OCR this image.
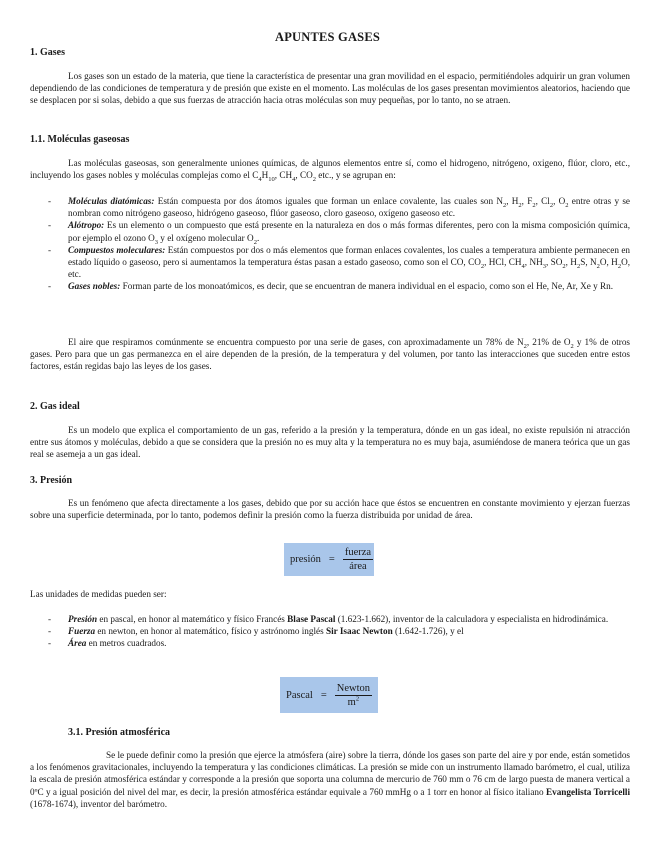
APUNTES GASES
1. Gases

Los gases son un estado de la materia, que tiene la característica de presentar una gran movilidad en el espacio, permitiéndoles adquirir un gran volumen dependiendo de las condiciones de temperatura y de presión que existe en el momento. Las moléculas de los gases presentan movimientos aleatorios, haciendo que se desplacen por si solas, debido a que sus fuerzas de atracción hacia otras moléculas son muy pequeñas, por lo tanto, no se atraen.

1.1. Moléculas gaseosas

Las moléculas gaseosas, son generalmente uniones químicas, de algunos elementos entre sí, como el hidrogeno, nitrógeno, oxigeno, flúor, cloro, etc., incluyendo los gases nobles y moléculas complejas como el $C_4H_{10}$, $CH_4$, $CO_2$ etc., y se agrupan en:

- Moléculas diatómicas: Están compuesta por dos átomos iguales que forman un enlace covalente, las cuales son $N_2$, $H_2$, $F_2$, $Cl_2$, $O_2$ entre otras y se nombran como nitrógeno gaseoso, hidrógeno gaseoso, flúor gaseoso, cloro gaseoso, oxígeno gaseoso etc.
- Alótropo: Es un elemento o un compuesto que está presente en la naturaleza en dos o más formas diferentes, pero con la misma composición química, por ejemplo el ozono $O_3$ y el oxígeno molecular $O_2$.
- Compuestos moleculares: Están compuestos por dos o más elementos que forman enlaces covalentes, los cuales a temperatura ambiente permanecen en estado líquido o gaseoso, pero si aumentamos la temperatura éstas pasan a estado gaseoso, como son el CO, $CO_2$, HCl, $CH_4$, $NH_3$, $SO_2$, $H_2S$, $N_2O$, $H_2O$, etc.
- Gases nobles: Forman parte de los monoatómicos, es decir, que se encuentran de manera individual en el espacio, como son el He, Ne, Ar, Xe y Rn.

El aire que respiramos comúnmente se encuentra compuesto por una serie de gases, con aproximadamente un 78% de $N_2$, 21% de $O_2$ y 1% de otros gases. Pero para que un gas permanezca en el aire dependen de la presión, de la temperatura y del volumen, por tanto las interacciones que suceden entre estos factores, están regidas bajo las leyes de los gases.

2. Gas ideal

Es un modelo que explica el comportamiento de un gas, referido a la presión y la temperatura, dónde en un gas ideal, no existe repulsión ni atracción entre sus átomos y moléculas, debido a que se considera que la presión no es muy alta y la temperatura no es muy baja, asumiéndose de manera teórica que un gas real se asemeja a un gas ideal.

3. Presión

Es un fenómeno que afecta directamente a los gases, debido que por su acción hace que éstos se encuentren en constante movimiento y ejerzan fuerzas sobre una superficie determinada, por lo tanto, podemos definir la presión como la fuerza distribuida por unidad de área.

presión = $\frac{\text{fuerza}}{\text{área}}$

Las unidades de medidas pueden ser:

- Presión en pascal, en honor al matemático y físico Francés Blase Pascal (1.623-1.662), inventor de la calculadora y especialista en hidrodinámica.
- Fuerza en newton, en honor al matemático, físico y astrónomo inglés Sir Isaac Newton (1.642-1.726), y el
- Área en metros cuadrados.
Pascal = $\frac{\text{Newton}}{m^2}$
3.1. Presión atmosférica

Se le puede definir como la presión que ejerce la atmósfera (aire) sobre la tierra, dónde los gases son parte del aire y por ende, están sometidos a los fenómenos gravitacionales, incluyendo la temperatura y las condiciones climáticas. La presión se mide con un instrumento llamado barómetro, el cual, utiliza la escala de presión atmosférica estándar y corresponde a la presión que soporta una columna de mercurio de 760 mm o 76 cm de largo puesta de manera vertical a 0ºC y a igual posición del nivel del mar, es decir, la presión atmosférica estándar equivale a 760 mmHg o a 1 torr en honor al físico italiano Evangelista Torricelli (1678-1674), inventor del barómetro.
